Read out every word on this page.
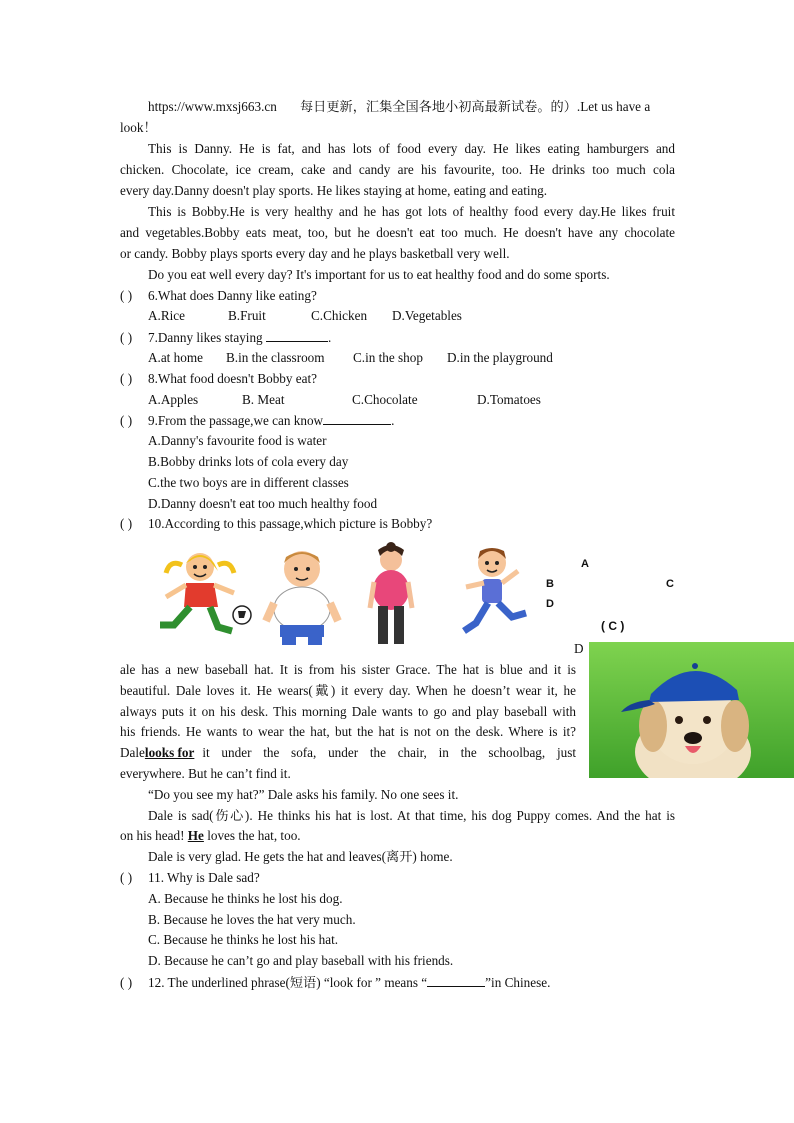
https://www.mxsj663.cn 每日更新，汇集全国各地小初高最新试卷。的）.Let us have a
look！
This is Danny. He is fat, and has lots of food every day. He likes eating hamburgers and
chicken. Chocolate, ice cream, cake and candy are his favourite, too. He drinks too much cola
every day.Danny doesn't play sports. He likes staying at home, eating and eating.
This is Bobby.He is very healthy and he has got lots of healthy food every day.He likes fruit
and vegetables.Bobby eats meat, too, but he doesn't eat too much. He doesn't have any chocolate
or candy. Bobby plays sports every day and he plays basketball very well.
Do you eat well every day? It's important for us to eat healthy food and do some sports.
( ) 6.What does Danny like eating?
A.Rice	B.Fruit	C.Chicken D.Vegetables
( ) 7.Danny likes staying	.
A.at home B.in the classroom C.in the shop D.in the playground
( ) 8.What food doesn't Bobby eat?
A.Apples	B. Meat	C.Chocolate	D.Tomatoes
( ) 9.From the passage,we can know	.
A.Danny's favourite food is water
B.Bobby drinks lots of cola every day
C.the two boys are in different classes
D.Danny doesn't eat too much healthy food
( ) 10.According to this passage,which picture is Bobby?
A
B	C
D
( C )
D
ale has a new baseball hat. It is from his sister Grace. The hat is blue and it is
beautiful. Dale loves it. He wears(戴) it every day. When he doesn’t wear it, he
always puts it on his desk. This morning Dale wants to go and play baseball with
his friends. He wants to wear the hat, but the hat is not on the desk. Where is it?
Dale looks for it under the sofa, under the chair, in the schoolbag, just
everywhere. But he can’t find it.
“Do you see my hat?” Dale asks his family. No one sees it.
Dale is sad(伤心). He thinks his hat is lost. At that time, his dog Puppy comes. And the hat is
on his head! He loves the hat, too.
Dale is very glad. He gets the hat and leaves(离开) home.
( ) 11. Why is Dale sad?
A. Because he thinks he lost his dog.
B. Because he loves the hat very much.
C. Because he thinks he lost his hat.
D. Because he can’t go and play baseball with his friends.
( ) 12. The underlined phrase(短语) “look for ” means “	”in Chinese.
